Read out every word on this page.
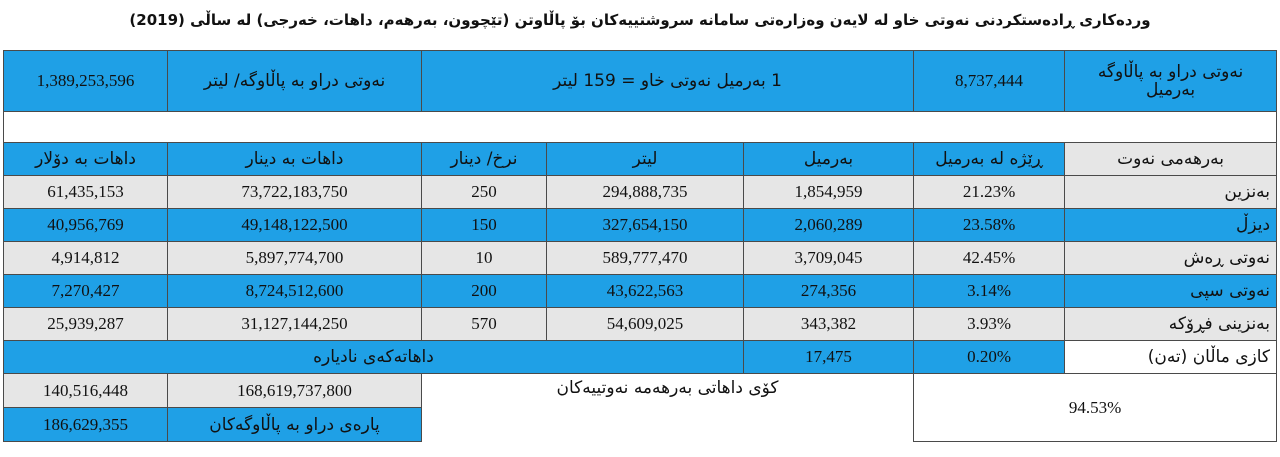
وردەکاری ڕادەستکردنی نەوتی خاو لە لایەن وەزارەتی سامانە سروشتییەکان بۆ پاڵاوتن (تێچوون، بەرهەم، داهات، خەرجی) لە ساڵی (2019)
1,389,253,596	نەوتی دراو بە پاڵاوگە/ لیتر	1 بەرمیل نەوتی خاو = 159 لیتر			8,737,444	نەوتی دراو بە پاڵاوگە بەرمیل

داهات بە دۆلار	داهات بە دینار	نرخ/ دینار	لیتر	بەرمیل	ڕێژە لە بەرمیل	بەرهەمی نەوت
61,435,153	73,722,183,750	250	294,888,735	1,854,959	21.23%	بەنزین
40,956,769	49,148,122,500	150	327,654,150	2,060,289	23.58%	دیزڵ
4,914,812	5,897,774,700	10	589,777,470	3,709,045	42.45%	نەوتی ڕەش
7,270,427	8,724,512,600	200	43,622,563	274,356	3.14%	نەوتی سپی
25,939,287	31,127,144,250	570	54,609,025	343,382	3.93%	بەنزینی فڕۆکە
داهاتەکەی نادیارە				17,475	0.20%	کازی ماڵان (تەن)
140,516,448	168,619,737,800	کۆی داهاتی بەرهەمە نەوتییەکان			94.53%	
186,629,355	پارەی دراو بە پاڵاوگەکان					
